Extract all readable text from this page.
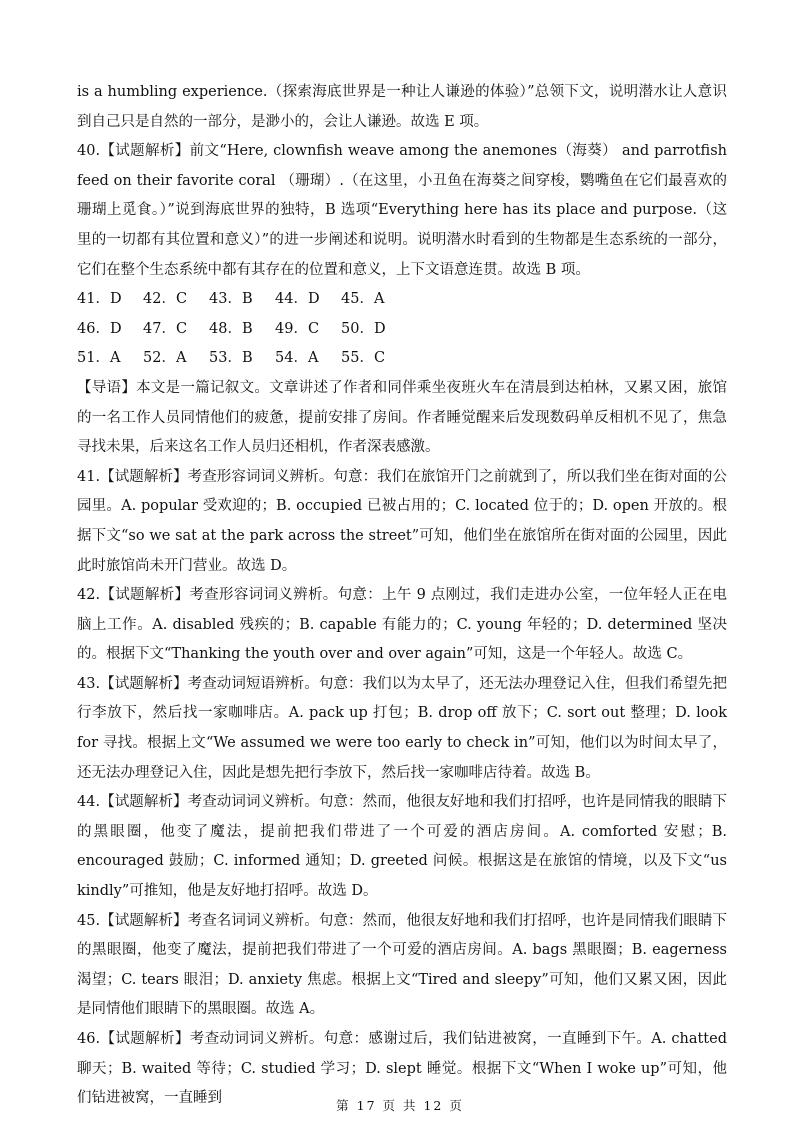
is a humbling experience.（探索海底世界是一种让人谦逊的体验）”总领下文，说明潜水让人意识到自己只是自然的一部分，是渺小的，会让人谦逊。故选 E 项。

40.【试题解析】前文“Here, clownfish weave among the anemones（海葵） and parrotfish feed on their favorite coral （珊瑚）.（在这里，小丑鱼在海葵之间穿梭，鹦嘴鱼在它们最喜欢的珊瑚上觅食。）”说到海底世界的独特，B 选项“Everything here has its place and purpose.（这里的一切都有其位置和意义）”的进一步阐述和说明。说明潜水时看到的生物都是生态系统的一部分，它们在整个生态系统中都有其存在的位置和意义，上下文语意连贯。故选 B 项。

41．D	42．C	43．B	44．D	45．A
46．D	47．C	48．B	49．C	50．D
51．A	52．A	53．B	54．A	55．C

【导语】本文是一篇记叙文。文章讲述了作者和同伴乘坐夜班火车在清晨到达柏林，又累又困，旅馆的一名工作人员同情他们的疲惫，提前安排了房间。作者睡觉醒来后发现数码单反相机不见了，焦急寻找未果，后来这名工作人员归还相机，作者深表感激。

41.【试题解析】考查形容词词义辨析。句意：我们在旅馆开门之前就到了，所以我们坐在街对面的公园里。A. popular 受欢迎的；B. occupied 已被占用的；C. located 位于的；D. open 开放的。根据下文“so we sat at the park across the street”可知，他们坐在旅馆所在街对面的公园里，因此此时旅馆尚未开门营业。故选 D。

42.【试题解析】考查形容词词义辨析。句意：上午 9 点刚过，我们走进办公室，一位年轻人正在电脑上工作。A. disabled 残疾的；B. capable 有能力的；C. young 年轻的；D. determined 坚决的。根据下文“Thanking the youth over and over again”可知，这是一个年轻人。故选 C。

43.【试题解析】考查动词短语辨析。句意：我们以为太早了，还无法办理登记入住，但我们希望先把行李放下，然后找一家咖啡店。A. pack up 打包；B. drop off 放下；C. sort out 整理；D. look for 寻找。根据上文“We assumed we were too early to check in”可知，他们以为时间太早了，还无法办理登记入住，因此是想先把行李放下，然后找一家咖啡店待着。故选 B。

44.【试题解析】考查动词词义辨析。句意：然而，他很友好地和我们打招呼，也许是同情我的眼睛下的黑眼圈，他变了魔法，提前把我们带进了一个可爱的酒店房间。A. comforted 安慰；B. encouraged 鼓励；C. informed 通知；D. greeted 问候。根据这是在旅馆的情境，以及下文“us kindly”可推知，他是友好地打招呼。故选 D。

45.【试题解析】考查名词词义辨析。句意：然而，他很友好地和我们打招呼，也许是同情我们眼睛下的黑眼圈，他变了魔法，提前把我们带进了一个可爱的酒店房间。A. bags 黑眼圈；B. eagerness 渴望；C. tears 眼泪；D. anxiety 焦虑。根据上文“Tired and sleepy”可知，他们又累又困，因此是同情他们眼睛下的黑眼圈。故选 A。

46.【试题解析】考查动词词义辨析。句意：感谢过后，我们钻进被窝，一直睡到下午。A. chatted 聊天；B. waited 等待；C. studied 学习；D. slept 睡觉。根据下文“When I woke up”可知，他们钻进被窝，一直睡到	第 17 页 共 12 页
